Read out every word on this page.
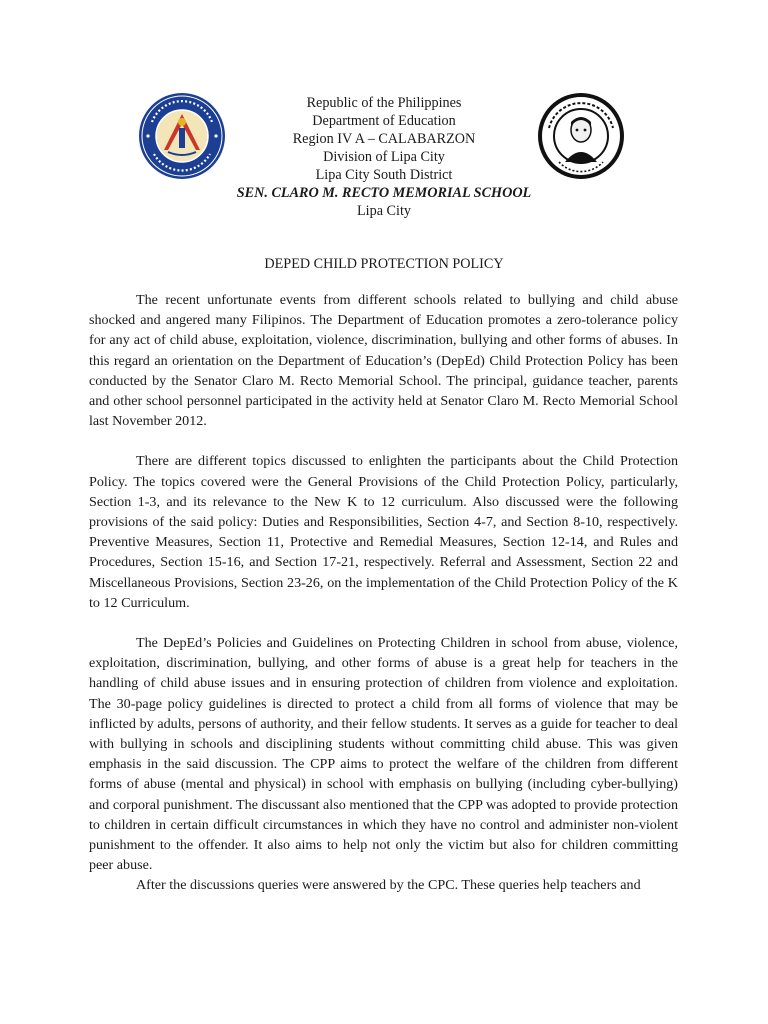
Republic of the Philippines
Department of Education
Region IV A – CALABARZON
Division of Lipa City
Lipa City South District
SEN. CLARO M. RECTO MEMORIAL SCHOOL
Lipa City
DEPED CHILD PROTECTION POLICY

The recent unfortunate events from different schools related to bullying and child abuse shocked and angered many Filipinos. The Department of Education promotes a zero-tolerance policy for any act of child abuse, exploitation, violence, discrimination, bullying and other forms of abuses. In this regard an orientation on the Department of Education’s (DepEd) Child Protection Policy has been conducted by the Senator Claro M. Recto Memorial School. The principal, guidance teacher, parents and other school personnel participated in the activity held at Senator Claro M. Recto Memorial School last November 2012.

There are different topics discussed to enlighten the participants about the Child Protection Policy. The topics covered were the General Provisions of the Child Protection Policy, particularly, Section 1-3, and its relevance to the New K to 12 curriculum. Also discussed were the following provisions of the said policy: Duties and Responsibilities, Section 4-7, and Section 8-10, respectively. Preventive Measures, Section 11, Protective and Remedial Measures, Section 12-14, and Rules and Procedures, Section 15-16, and Section 17-21, respectively. Referral and Assessment, Section 22 and Miscellaneous Provisions, Section 23-26, on the implementation of the Child Protection Policy of the K to 12 Curriculum.

The DepEd’s Policies and Guidelines on Protecting Children in school from abuse, violence, exploitation, discrimination, bullying, and other forms of abuse is a great help for teachers in the handling of child abuse issues and in ensuring protection of children from violence and exploitation. The 30-page policy guidelines is directed to protect a child from all forms of violence that may be inflicted by adults, persons of authority, and their fellow students. It serves as a guide for teacher to deal with bullying in schools and disciplining students without committing child abuse. This was given emphasis in the said discussion. The CPP aims to protect the welfare of the children from different forms of abuse (mental and physical) in school with emphasis on bullying (including cyber-bullying) and corporal punishment. The discussant also mentioned that the CPP was adopted to provide protection to children in certain difficult circumstances in which they have no control and administer non-violent punishment to the offender. It also aims to help not only the victim but also for children committing peer abuse.

After the discussions queries were answered by the CPC. These queries help teachers and
